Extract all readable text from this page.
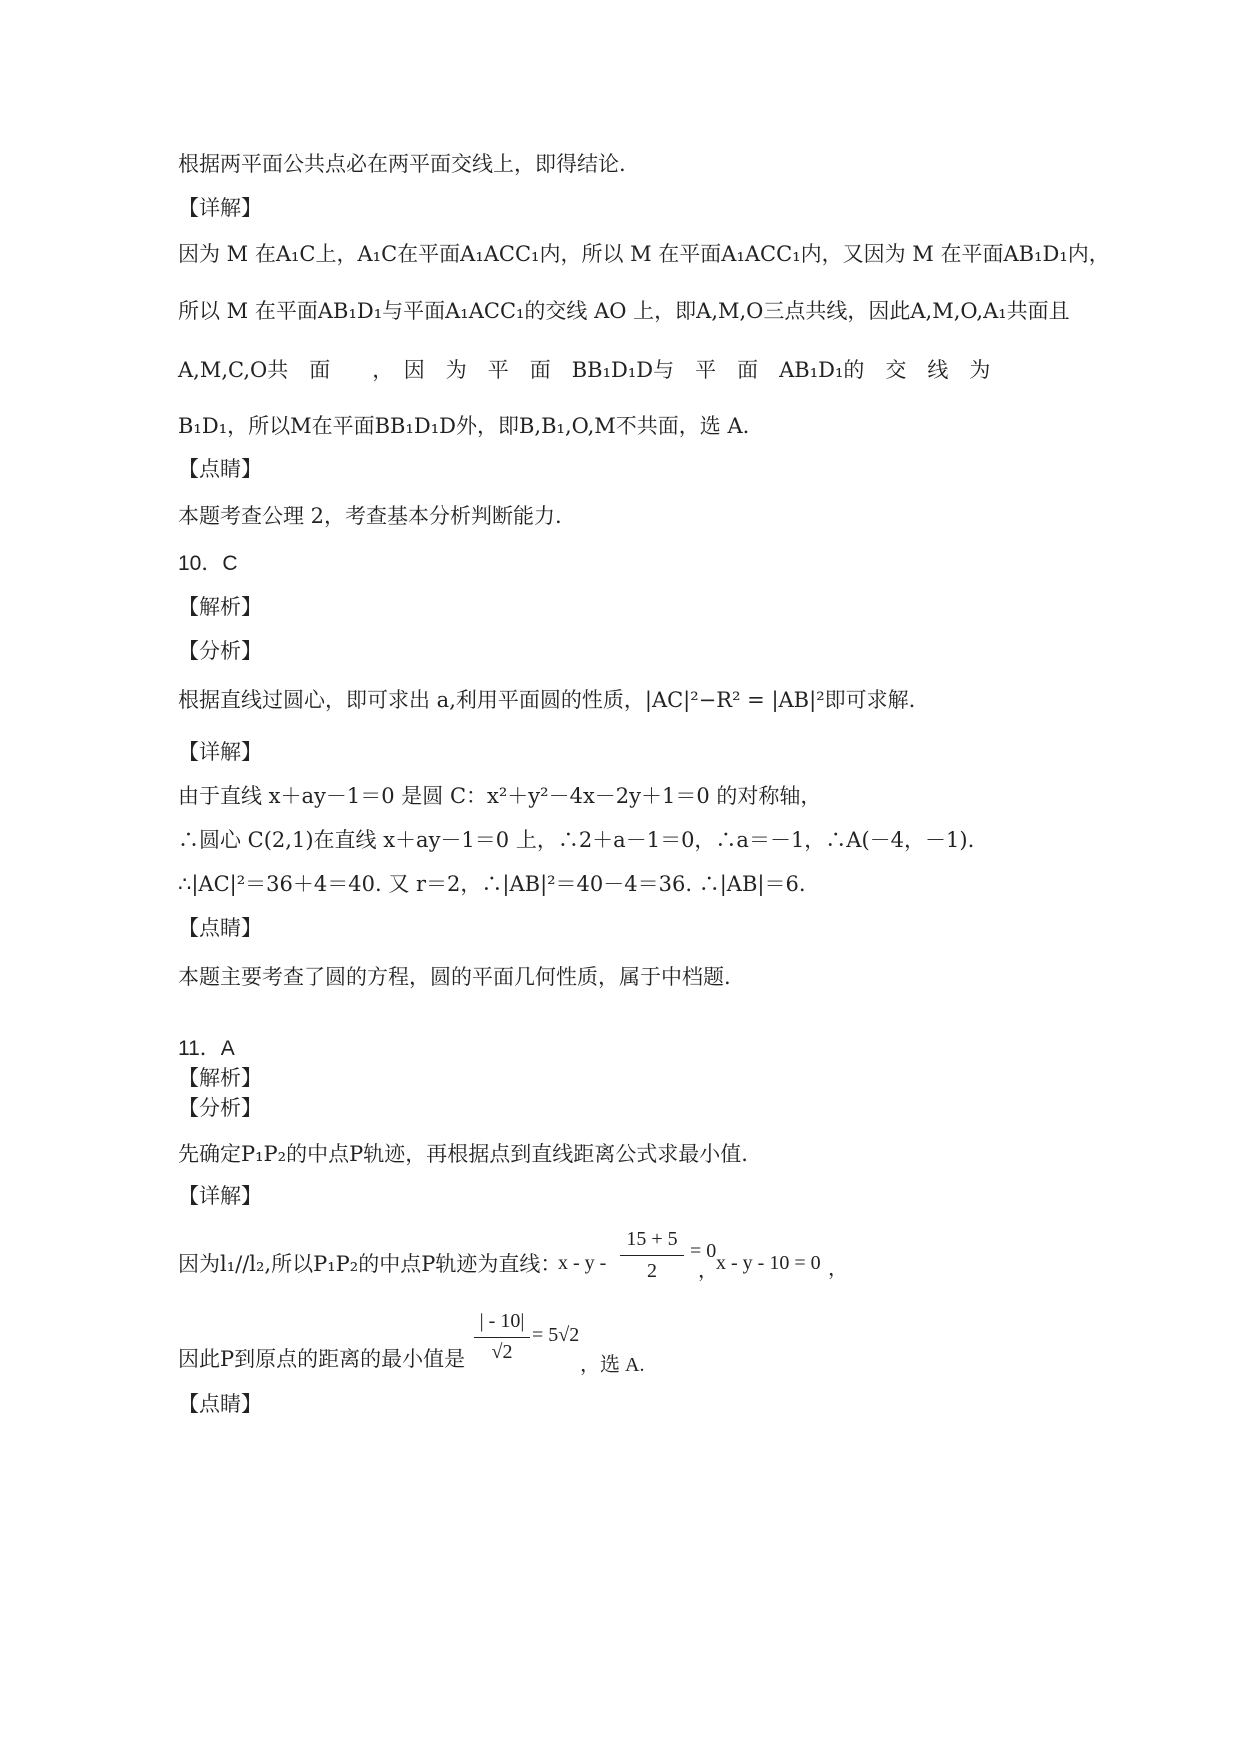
根据两平面公共点必在两平面交线上，即得结论.
【详解】
因为 M 在A₁C上，A₁C在平面A₁ACC₁内，所以 M 在平面A₁ACC₁内，又因为 M 在平面AB₁D₁内，
所以 M 在平面AB₁D₁与平面A₁ACC₁的交线 AO 上，即A,M,O三点共线，因此A,M,O,A₁共面且
A,M,C,O共　面　　，　因　为　平　面　BB₁D₁D与　平　面　AB₁D₁的　交　线　为
B₁D₁，所以M在平面BB₁D₁D外，即B,B₁,O,M不共面，选 A.
【点睛】
本题考查公理 2，考查基本分析判断能力.
10．C
【解析】
【分析】
根据直线过圆心，即可求出 a,利用平面圆的性质，|AC|²−R² = |AB|²即可求解.
【详解】
由于直线 x＋ay－1＝0 是圆 C：x²＋y²－4x－2y＋1＝0 的对称轴，
∴圆心 C(2,1)在直线 x＋ay－1＝0 上，∴2＋a－1＝0，∴a＝－1，∴A(－4，－1).
∴|AC|²＝36＋4＝40. 又 r＝2，∴|AB|²＝40－4＝36. ∴|AB|＝6.
【点睛】
本题主要考查了圆的方程，圆的平面几何性质，属于中档题.
11．A
【解析】
【分析】
先确定P₁P₂的中点P轨迹，再根据点到直线距离公式求最小值.
【详解】
因为l₁//l₂,所以P₁P₂的中点P轨迹为直线：
x - y -
15 + 5
2
= 0
，
x - y - 10 = 0 ，
因此P到原点的距离的最小值是
| - 10|
√2
= 5√2
，选 A.
【点睛】
